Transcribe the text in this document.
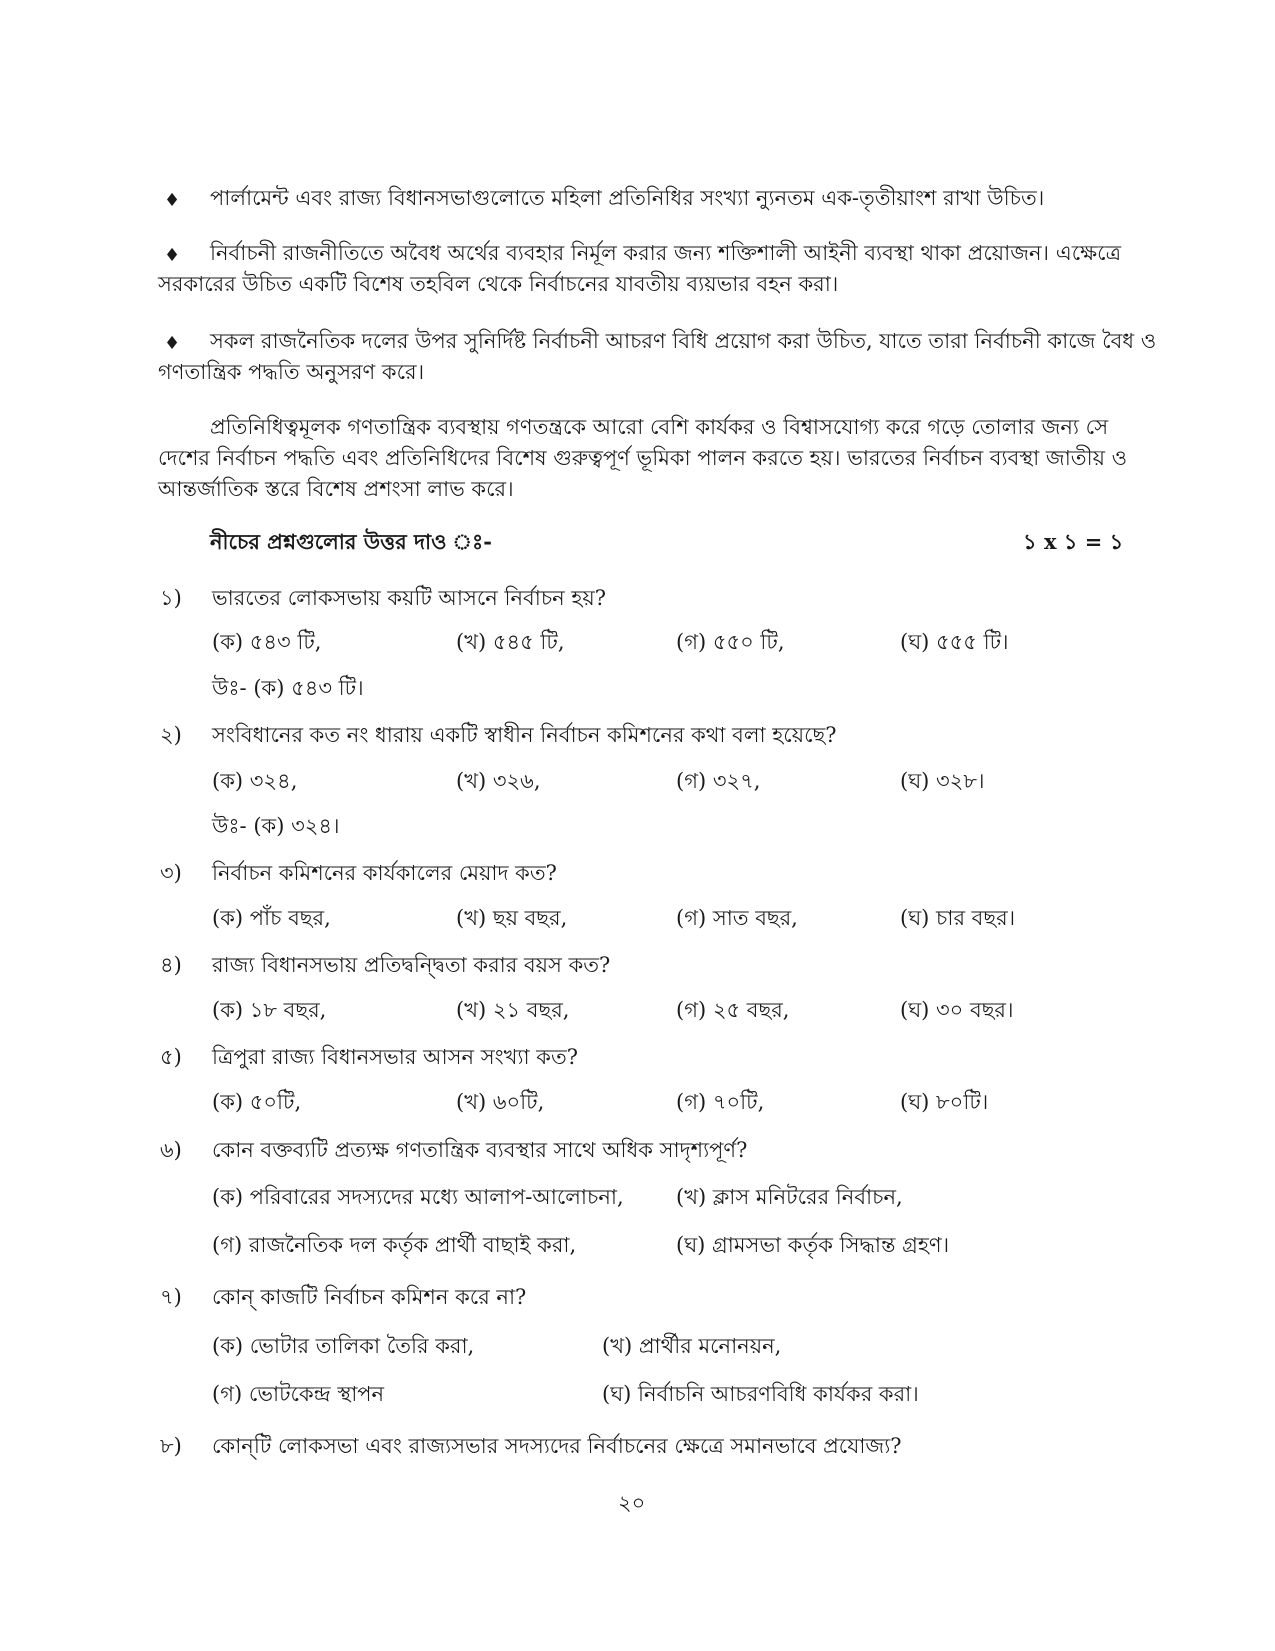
♦ পার্লামেন্ট এবং রাজ্য বিধানসভাগুলোতে মহিলা প্রতিনিধির সংখ্যা ন্যুনতম এক-তৃতীয়াংশ রাখা উচিত।
♦ নির্বাচনী রাজনীতিতে অবৈধ অর্থের ব্যবহার নির্মূল করার জন্য শক্তিশালী আইনী ব্যবস্থা থাকা প্রয়োজন। এক্ষেত্রে
সরকারের উচিত একটি বিশেষ তহবিল থেকে নির্বাচনের যাবতীয় ব্যয়ভার বহন করা।
♦ সকল রাজনৈতিক দলের উপর সুনির্দিষ্ট নির্বাচনী আচরণ বিধি প্রয়োগ করা উচিত, যাতে তারা নির্বাচনী কাজে বৈধ ও
গণতান্ত্রিক পদ্ধতি অনুসরণ করে।
প্রতিনিধিত্বমূলক গণতান্ত্রিক ব্যবস্থায় গণতন্ত্রকে আরো বেশি কার্যকর ও বিশ্বাসযোগ্য করে গড়ে তোলার জন্য সে
দেশের নির্বাচন পদ্ধতি এবং প্রতিনিধিদের বিশেষ গুরুত্বপূর্ণ ভূমিকা পালন করতে হয়। ভারতের নির্বাচন ব্যবস্থা জাতীয় ও
আন্তর্জাতিক স্তরে বিশেষ প্রশংসা লাভ করে।
নীচের প্রশ্নগুলোর উত্তর দাও ঃ-	১ x ১ = ১
১) ভারতের লোকসভায় কয়টি আসনে নির্বাচন হয়?
(ক) ৫৪৩ টি,	(খ) ৫৪৫ টি,	(গ) ৫৫০ টি,	(ঘ) ৫৫৫ টি।
উঃ- (ক) ৫৪৩ টি।
২) সংবিধানের কত নং ধারায় একটি স্বাধীন নির্বাচন কমিশনের কথা বলা হয়েছে?
(ক) ৩২৪,	(খ) ৩২৬,	(গ) ৩২৭,	(ঘ) ৩২৮।
উঃ- (ক) ৩২৪।
৩) নির্বাচন কমিশনের কার্যকালের মেয়াদ কত?
(ক) পাঁচ বছর,	(খ) ছয় বছর,	(গ) সাত বছর,	(ঘ) চার বছর।
৪) রাজ্য বিধানসভায় প্রতিদ্বন্দ্বিতা করার বয়স কত?
(ক) ১৮ বছর,	(খ) ২১ বছর,	(গ) ২৫ বছর,	(ঘ) ৩০ বছর।
৫) ত্রিপুরা রাজ্য বিধানসভার আসন সংখ্যা কত?
(ক) ৫০টি,	(খ) ৬০টি,	(গ) ৭০টি,	(ঘ) ৮০টি।
৬) কোন বক্তব্যটি প্রত্যক্ষ গণতান্ত্রিক ব্যবস্থার সাথে অধিক সাদৃশ্যপূর্ণ?
(ক) পরিবারের সদস্যদের মধ্যে আলাপ-আলোচনা, (খ) ক্লাস মনিটরের নির্বাচন,
(গ) রাজনৈতিক দল কর্তৃক প্রার্থী বাছাই করা,	(ঘ) গ্রামসভা কর্তৃক সিদ্ধান্ত গ্রহণ।
৭) কোন্ কাজটি নির্বাচন কমিশন করে না?
(ক) ভোটার তালিকা তৈরি করা,	(খ) প্রার্থীর মনোনয়ন,
(গ) ভোটকেন্দ্র স্থাপন	(ঘ) নির্বাচনি আচরণবিধি কার্যকর করা।
৮) কোন্‌টি লোকসভা এবং রাজ্যসভার সদস্যদের নির্বাচনের ক্ষেত্রে সমানভাবে প্রযোজ্য?
২০
